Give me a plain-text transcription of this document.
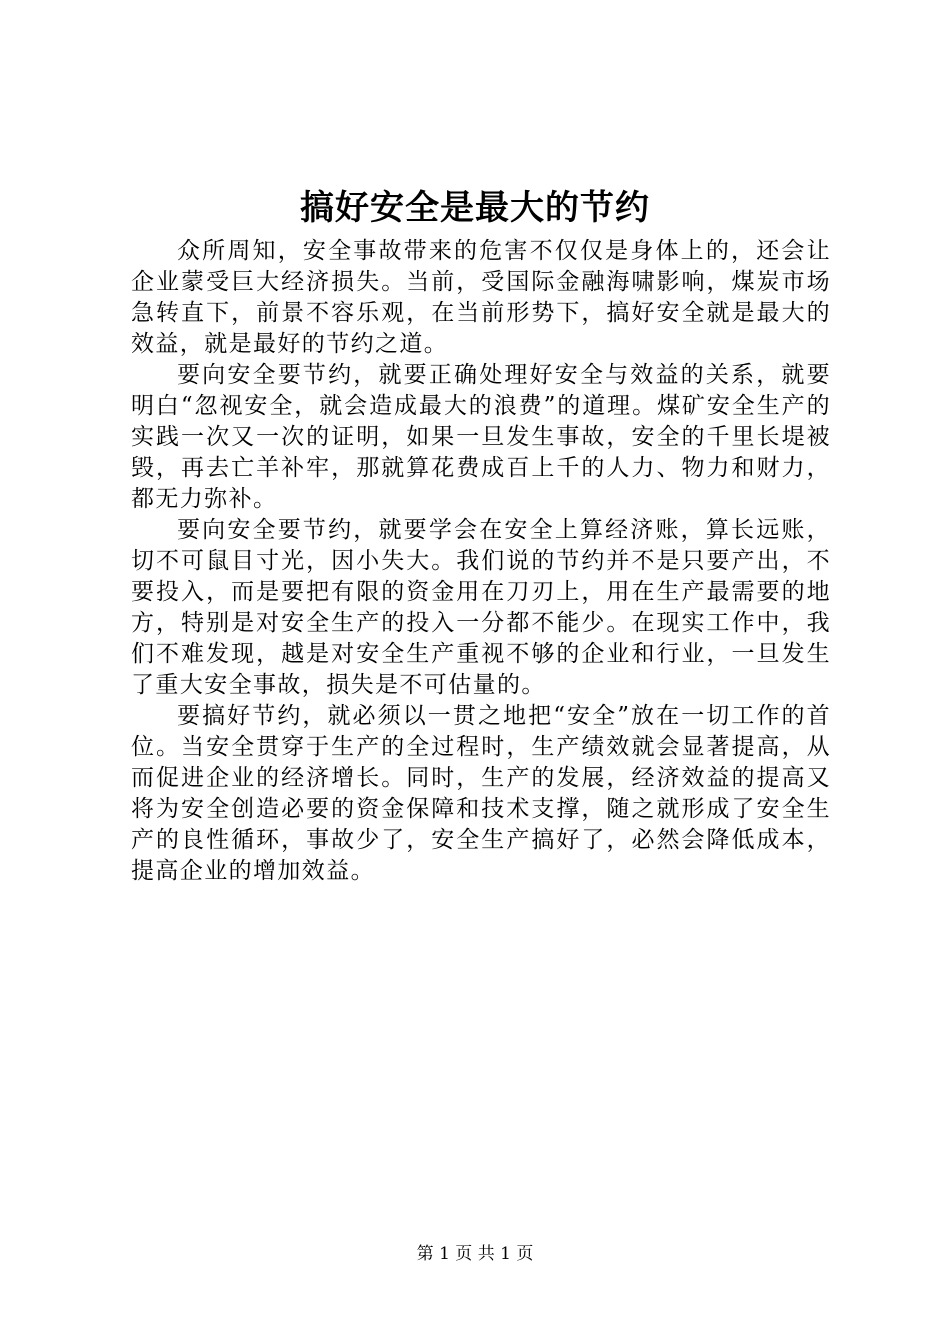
搞好安全是最大的节约

众所周知，安全事故带来的危害不仅仅是身体上的，还会让企业蒙受巨大经济损失。当前，受国际金融海啸影响，煤炭市场急转直下，前景不容乐观，在当前形势下，搞好安全就是最大的效益，就是最好的节约之道。

要向安全要节约，就要正确处理好安全与效益的关系，就要明白“忽视安全，就会造成最大的浪费”的道理。煤矿安全生产的实践一次又一次的证明，如果一旦发生事故，安全的千里长堤被毁，再去亡羊补牢，那就算花费成百上千的人力、物力和财力，都无力弥补。

要向安全要节约，就要学会在安全上算经济账，算长远账，切不可鼠目寸光，因小失大。我们说的节约并不是只要产出，不要投入，而是要把有限的资金用在刀刃上，用在生产最需要的地方，特别是对安全生产的投入一分都不能少。在现实工作中，我们不难发现，越是对安全生产重视不够的企业和行业，一旦发生了重大安全事故，损失是不可估量的。

要搞好节约，就必须以一贯之地把“安全”放在一切工作的首位。当安全贯穿于生产的全过程时，生产绩效就会显著提高，从而促进企业的经济增长。同时，生产的发展，经济效益的提高又将为安全创造必要的资金保障和技术支撑，随之就形成了安全生产的良性循环，事故少了，安全生产搞好了，必然会降低成本，提高企业的增加效益。

第 1 页 共 1 页
